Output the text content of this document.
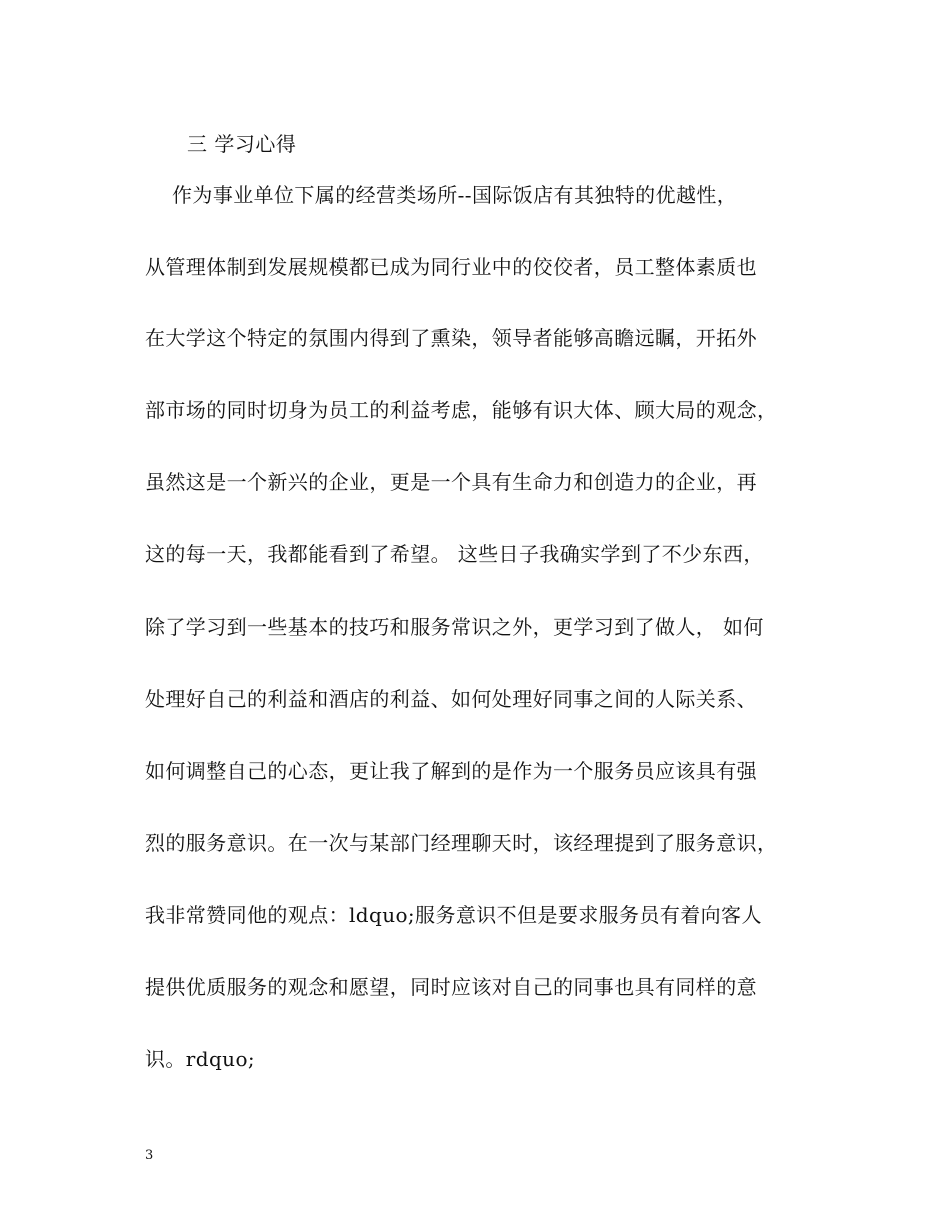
三 学习心得
作为事业单位下属的经营类场所--国际饭店有其独特的优越性，
从管理体制到发展规模都已成为同行业中的佼佼者，员工整体素质也
在大学这个特定的氛围内得到了熏染，领导者能够高瞻远瞩，开拓外
部市场的同时切身为员工的利益考虑，能够有识大体、顾大局的观念，
虽然这是一个新兴的企业，更是一个具有生命力和创造力的企业，再
这的每一天，我都能看到了希望。 这些日子我确实学到了不少东西，
除了学习到一些基本的技巧和服务常识之外，更学习到了做人， 如何
处理好自己的利益和酒店的利益、如何处理好同事之间的人际关系、
如何调整自己的心态，更让我了解到的是作为一个服务员应该具有强
烈的服务意识。在一次与某部门经理聊天时，该经理提到了服务意识，
我非常赞同他的观点：ldquo;服务意识不但是要求服务员有着向客人
提供优质服务的观念和愿望，同时应该对自己的同事也具有同样的意
识。rdquo;
3
